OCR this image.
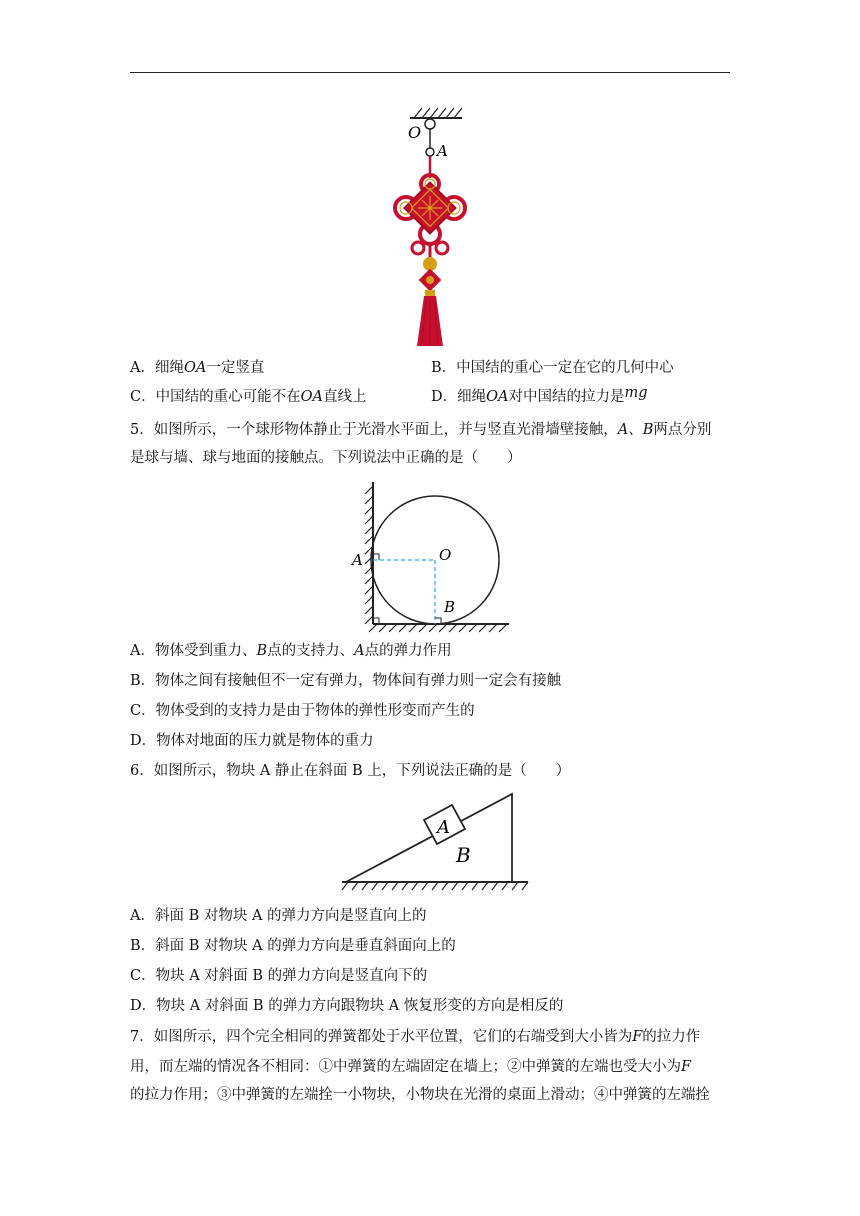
O
A
A．细绳OA一定竖直	B．中国结的重心一定在它的几何中心
C．中国结的重心可能不在OA直线上	D．细绳OA对中国结的拉力是mg
5．如图所示，一个球形物体静止于光滑水平面上，并与竖直光滑墙壁接触，A、B两点分别
是球与墙、球与地面的接触点。下列说法中正确的是（　　）
A	O
B
A．物体受到重力、B点的支持力、A点的弹力作用
B．物体之间有接触但不一定有弹力，物体间有弹力则一定会有接触
C．物体受到的支持力是由于物体的弹性形变而产生的
D．物体对地面的压力就是物体的重力
6．如图所示，物块 A 静止在斜面 B 上，下列说法正确的是（　　）
A
B
A．斜面 B 对物块 A 的弹力方向是竖直向上的
B．斜面 B 对物块 A 的弹力方向是垂直斜面向上的
C．物块 A 对斜面 B 的弹力方向是竖直向下的
D．物块 A 对斜面 B 的弹力方向跟物块 A 恢复形变的方向是相反的
7．如图所示，四个完全相同的弹簧都处于水平位置，它们的右端受到大小皆为F的拉力作
用，而左端的情况各不相同：①中弹簧的左端固定在墙上；②中弹簧的左端也受大小为F
的拉力作用；③中弹簧的左端拴一小物块，小物块在光滑的桌面上滑动；④中弹簧的左端拴
